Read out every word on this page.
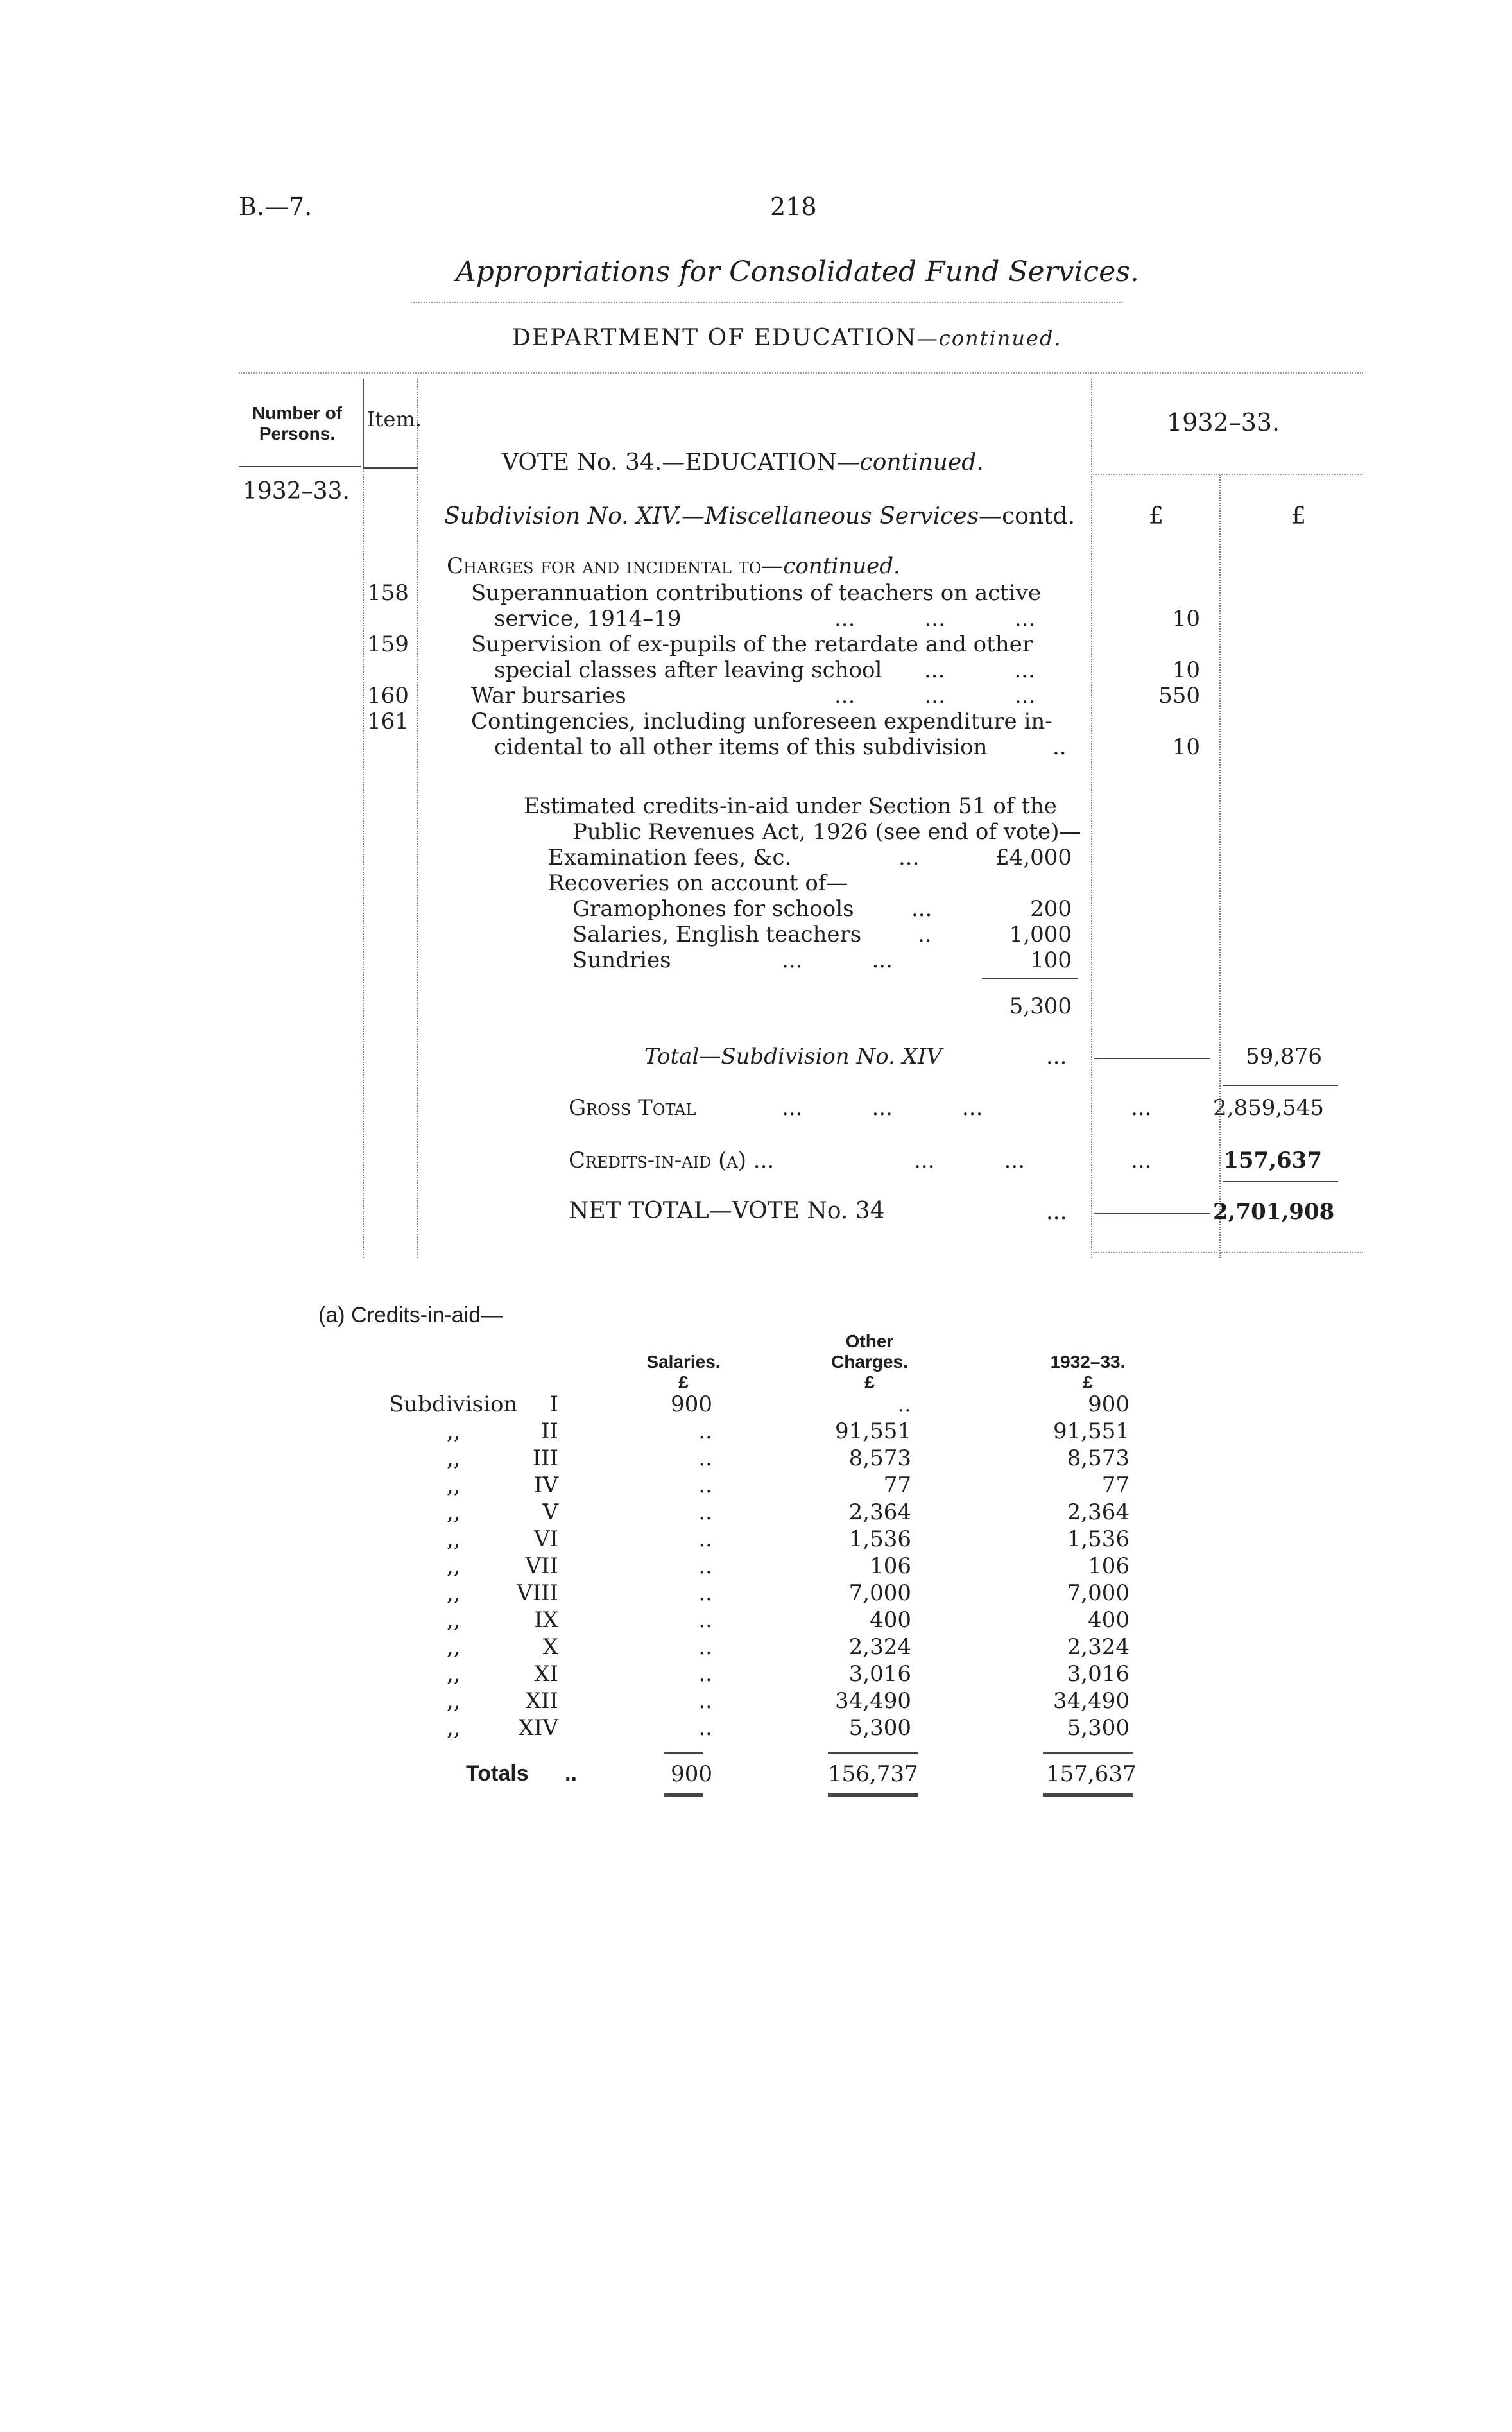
B.—7.	218
Appropriations for Consolidated Fund Services.
DEPARTMENT OF EDUCATION—continued.
Number of Persons.
Item.
1932–33.
1932–33.
£	£
VOTE No. 34.—EDUCATION—continued.
Subdivision No. XIV.—Miscellaneous Services—contd.
Charges for and incidental to—continued.
158	Superannuation contributions of teachers on active
service, 1914–19	...          ...          ...	10
159	Supervision of ex-pupils of the retardate and other
special classes after leaving school ...          ...	10
160	War bursaries	...          ...          ...	550
161	Contingencies, including unforeseen expenditure in-
cidental to all other items of this subdivision	..	10
Estimated credits-in-aid under Section 51 of the
Public Revenues Act, 1926 (see end of vote)—
Examination fees, &c.	...	£4,000
Recoveries on account of—
Gramophones for schools	...	200
Salaries, English teachers	..	1,000
Sundries	...          ...	100
5,300
Total—Subdivision No. XIV	...	59,876
Gross Total	...          ...          ...	...	2,859,545
Credits-in-aid (a) ...	...          ...	...	157,637
NET TOTAL—VOTE No. 34	...	2,701,908
(a) Credits-in-aid—
Salaries.
Other Charges.	1932–33.
£	£	£
Subdivision	I	900	..	900
,,	II	..	91,551	91,551
,,	III	..	8,573	8,573
,,	IV	..	77	77
,,	V	..	2,364	2,364
,,	VI	..	1,536	1,536
,,	VII	..	106	106
,,	VIII	..	7,000	7,000
,,	IX	..	400	400
,,	X	..	2,324	2,324
,,	XI	..	3,016	3,016
,,	XII	..	34,490	34,490
,,	XIV	..	5,300	5,300
Totals ..	900	156,737	157,637
